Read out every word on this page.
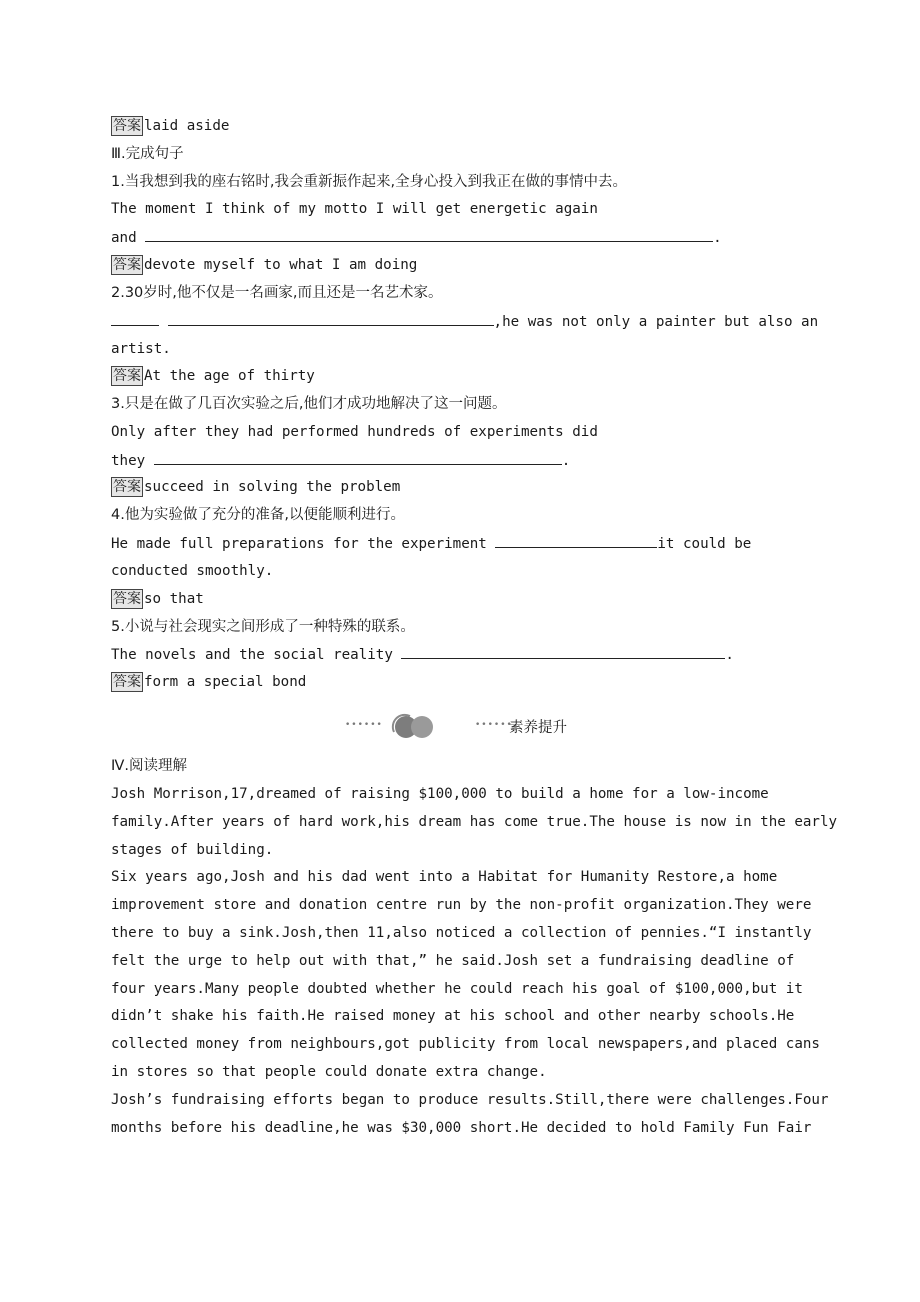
答案 laid aside
Ⅲ.完成句子
1.当我想到我的座右铭时,我会重新振作起来,全身心投入到我正在做的事情中去。
The moment I think of my motto I will get energetic again
and	.
答案 devote myself to what I am doing
2.30岁时,他不仅是一名画家,而且还是一名艺术家。
,he was not only a painter but also an
artist.
答案 At the age of thirty
3.只是在做了几百次实验之后,他们才成功地解决了这一问题。
Only after they had performed hundreds of experiments did
they	.
答案 succeed in solving the problem
4.他为实验做了充分的准备,以便能顺利进行。
He made full preparations for the experiment	it could be
conducted smoothly.
答案 so that
5.小说与社会现实之间形成了一种特殊的联系。
The novels and the social reality	.
答案 form a special bond
••••••	••••••
素养提升
Ⅳ.阅读理解
Josh Morrison,17,dreamed of raising $100,000 to build a home for a low-income
family.After years of hard work,his dream has come true.The house is now in the early
stages of building.
Six years ago,Josh and his dad went into a Habitat for Humanity Restore,a home
improvement store and donation centre run by the non-profit organization.They were
there to buy a sink.Josh,then 11,also noticed a collection of pennies.“I instantly
felt the urge to help out with that,” he said.Josh set a fundraising deadline of
four years.Many people doubted whether he could reach his goal of $100,000,but it
didn’t shake his faith.He raised money at his school and other nearby schools.He
collected money from neighbours,got publicity from local newspapers,and placed cans
in stores so that people could donate extra change.
Josh’s fundraising efforts began to produce results.Still,there were challenges.Four
months before his deadline,he was $30,000 short.He decided to hold Family Fun Fair
